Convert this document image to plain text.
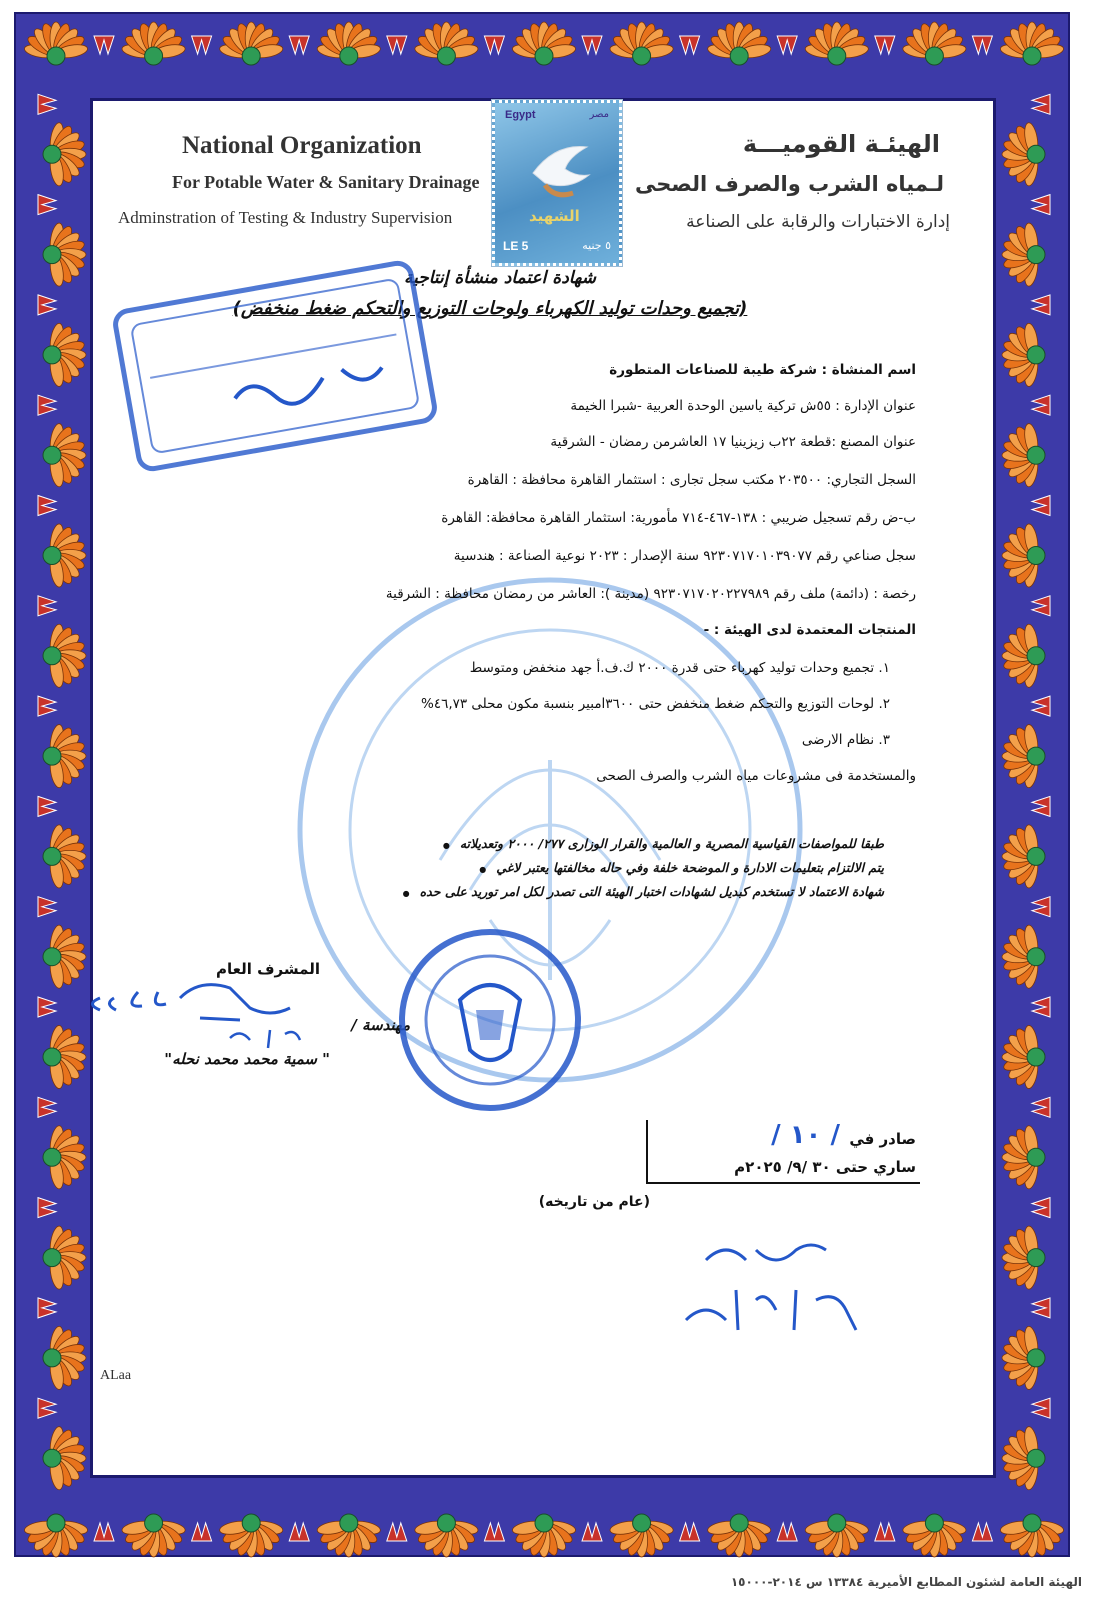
National Organization
For Potable Water & Sanitary Drainage
Adminstration of Testing & Industry Supervision
الهيئـة القوميـــة
لـمياه الشرب والصرف الصحى
إدارة الاختبارات والرقابة على الصناعة
Egypt	مصر
الشهيد
LE 5	٥ جنيه
شهادة اعتماد منشأة إنتاجية
(تجميع وحدات توليد الكهرباء ولوحات التوزيع والتحكم ضغط منخفض)
اسم المنشاة : شركة طيبة للصناعات المتطورة
عنوان الإدارة : ٥٥ش تركية ياسين الوحدة العربية -شبرا الخيمة
عنوان المصنع :قطعة ٢٢ب زيزينيا ١٧ العاشرمن رمضان - الشرقية
السجل التجاري: ٢٠٣٥٠٠ مكتب سجل تجارى : استثمار القاهرة محافظة : القاهرة
ب-ض رقم تسجيل ضريبي : ١٣٨-٤٦٧-٧١٤ مأمورية: استثمار القاهرة محافظة: القاهرة
سجل صناعي رقم ٩٢٣٠٧١٧٠١٠٣٩٠٧٧ سنة الإصدار : ٢٠٢٣ نوعية الصناعة : هندسية
رخصة : (دائمة) ملف رقم ٩٢٣٠٧١٧٠٢٠٢٢٧٩٨٩ (مدينة ): العاشر من رمضان محافظة : الشرقية
المنتجات المعتمدة لدى الهيئة : -
١. تجميع وحدات توليد كهرباء حتى قدرة ٢٠٠٠ ك.ف.أ جهد منخفض ومتوسط
٢. لوحات التوزيع والتحكم ضغط منخفض حتى ٣٦٠٠امبير بنسبة مكون محلى ٤٦,٧٣%
٣. نظام الارضى
والمستخدمة فى مشروعات مياه الشرب والصرف الصحى
طبقا للمواصفات القياسية المصرية و العالمية والقرار الوزارى ٢٧٧/ ٢٠٠٠ وتعديلاته ●
يتم الالتزام بتعليمات الادارة و الموضحة خلفة وفي حاله مخالفتها يعتبر لاغي ●
شهادة الاعتماد لا تستخدم كبديل لشهادات اختبار الهيئة التى تصدر لكل امر توريد على حده ●
المشرف العام
مهندسة /
" سمية محمد محمد نحله"
صادر في
/ ١٠ /
ساري حتى ٣٠ /٩/ ٢٠٢٥م
(عام من تاريخه)
ALaa
الهيئة العامة لشئون المطابع الأميرية ١٣٣٨٤ س ٢٠١٤-١٥٠٠٠
